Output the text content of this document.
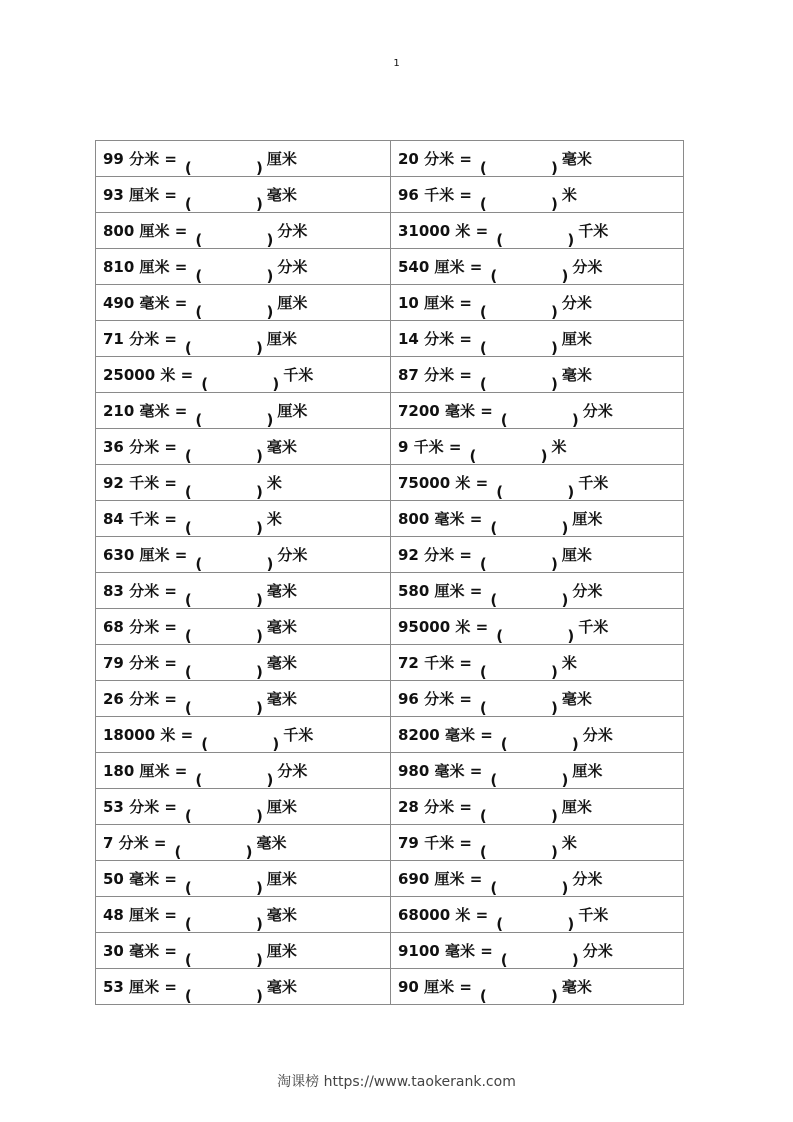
1
99 分米 = ( ) 厘米	20 分米 = ( ) 毫米

93 厘米 = ( ) 毫米	96 千米 = ( ) 米

800 厘米 = ( ) 分米	31000 米 = ( ) 千米

810 厘米 = ( ) 分米	540 厘米 = ( ) 分米

490 毫米 = ( ) 厘米	10 厘米 = ( ) 分米

71 分米 = ( ) 厘米	14 分米 = ( ) 厘米

25000 米 = ( ) 千米	87 分米 = ( ) 毫米

210 毫米 = ( ) 厘米	7200 毫米 = ( ) 分米

36 分米 = ( ) 毫米	9 千米 = ( ) 米

92 千米 = ( ) 米	75000 米 = ( ) 千米

84 千米 = ( ) 米	800 毫米 = ( ) 厘米

630 厘米 = ( ) 分米	92 分米 = ( ) 厘米

83 分米 = ( ) 毫米	580 厘米 = ( ) 分米

68 分米 = ( ) 毫米	95000 米 = ( ) 千米

79 分米 = ( ) 毫米	72 千米 = ( ) 米

26 分米 = ( ) 毫米	96 分米 = ( ) 毫米

18000 米 = ( ) 千米	8200 毫米 = ( ) 分米

180 厘米 = ( ) 分米	980 毫米 = ( ) 厘米

53 分米 = ( ) 厘米	28 分米 = ( ) 厘米

7 分米 = ( ) 毫米	79 千米 = ( ) 米

50 毫米 = ( ) 厘米	690 厘米 = ( ) 分米

48 厘米 = ( ) 毫米	68000 米 = ( ) 千米

30 毫米 = ( ) 厘米	9100 毫米 = ( ) 分米

53 厘米 = ( ) 毫米	90 厘米 = ( ) 毫米
淘课榜 https://www.taokerank.com
